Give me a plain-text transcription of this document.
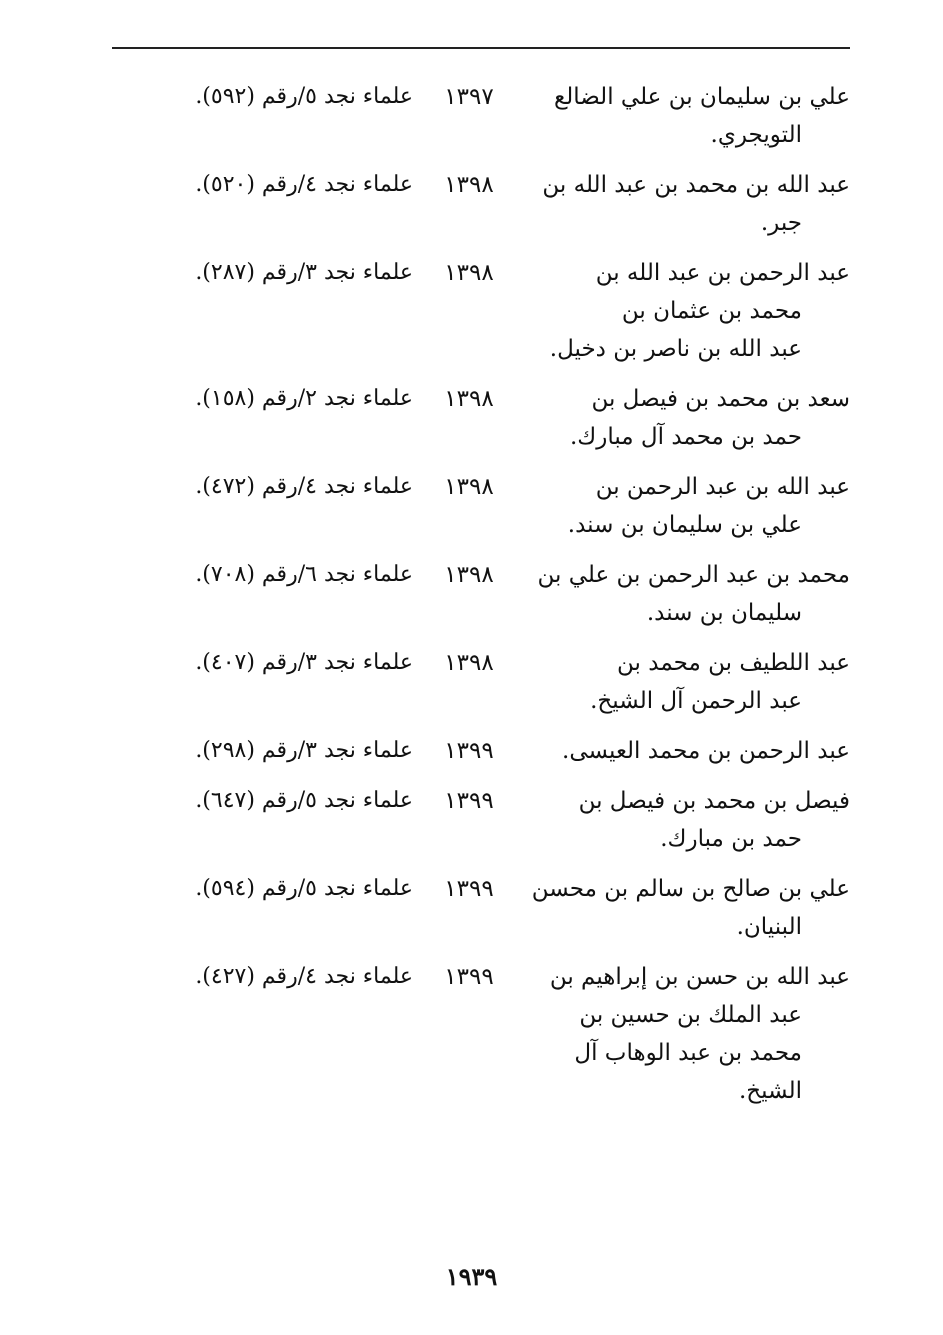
علي بن سليمان بن علي الضالع
التويجري.
١٣٩٧
علماء نجد ٥/رقم (٥٩٢).
عبد الله بن محمد بن عبد الله بن
جبر.
١٣٩٨
علماء نجد ٤/رقم (٥٢٠).
عبد الرحمن بن عبد الله بن
محمد بن عثمان بن
عبد الله بن ناصر بن دخيل.
١٣٩٨
علماء نجد ٣/رقم (٢٨٧).
سعد بن محمد بن فيصل بن
حمد بن محمد آل مبارك.
١٣٩٨
علماء نجد ٢/رقم (١٥٨).
عبد الله بن عبد الرحمن بن
علي بن سليمان بن سند.
١٣٩٨
علماء نجد ٤/رقم (٤٧٢).
محمد بن عبد الرحمن بن علي بن
سليمان بن سند.
١٣٩٨
علماء نجد ٦/رقم (٧٠٨).
عبد اللطيف بن محمد بن
عبد الرحمن آل الشيخ.
١٣٩٨
علماء نجد ٣/رقم (٤٠٧).
عبد الرحمن بن محمد العيسى.
١٣٩٩
علماء نجد ٣/رقم (٢٩٨).
فيصل بن محمد بن فيصل بن
حمد بن مبارك.
١٣٩٩
علماء نجد ٥/رقم (٦٤٧).
علي بن صالح بن سالم بن محسن
البنيان.
١٣٩٩
علماء نجد ٥/رقم (٥٩٤).
عبد الله بن حسن بن إبراهيم بن
عبد الملك بن حسين بن
محمد بن عبد الوهاب آل
الشيخ.
١٣٩٩
علماء نجد ٤/رقم (٤٢٧).
١٩٣٩
